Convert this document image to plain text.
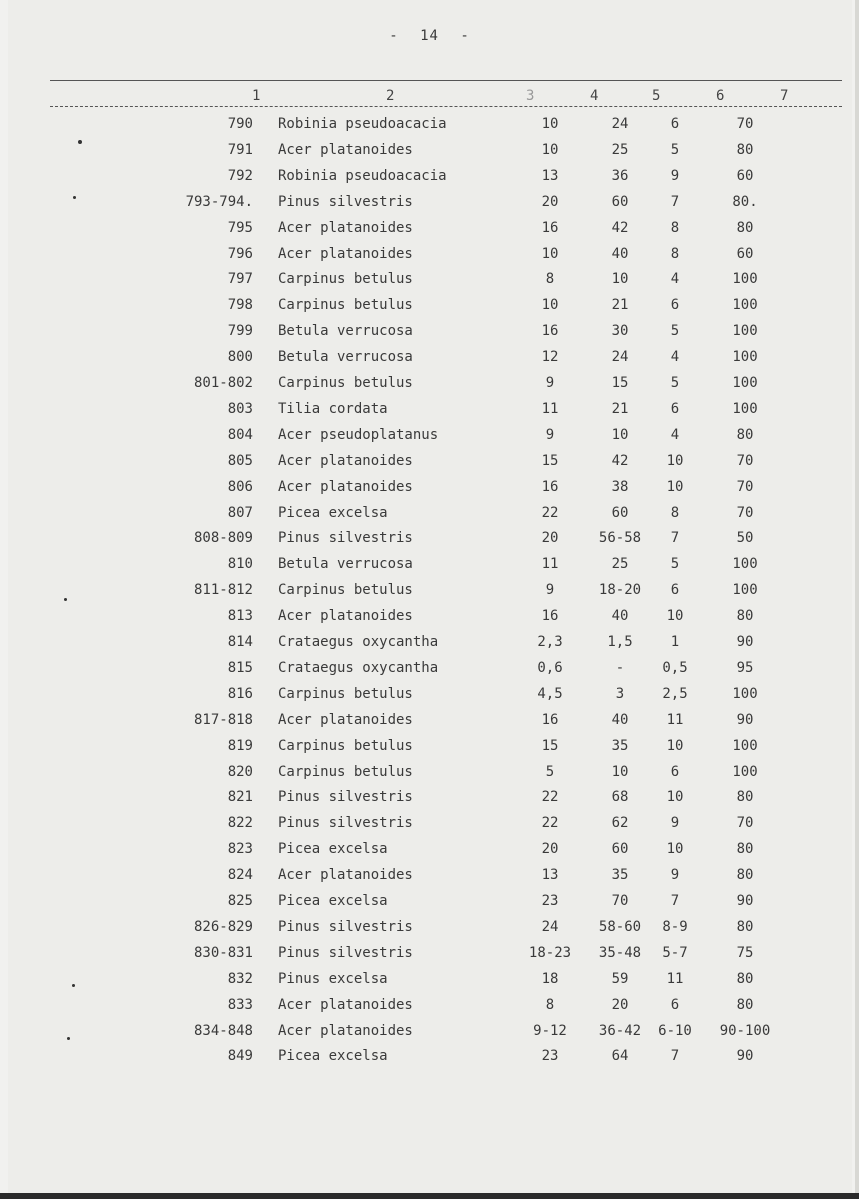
- 14 -
1	2	3	4	5	6	7
790 Robinia pseudoacacia	10	24	6	70
791 Acer platanoides	10	25	5	80
792 Robinia pseudoacacia	13	36	9	60
793-794. Pinus silvestris	20	60	7	80.
795 Acer platanoides	16	42	8	80
796 Acer platanoides	10	40	8	60
797 Carpinus betulus	8	10	4	100
798 Carpinus betulus	10	21	6	100
799 Betula verrucosa	16	30	5	100
800 Betula verrucosa	12	24	4	100
801-802 Carpinus betulus	9	15	5	100
803 Tilia cordata	11	21	6	100
804 Acer pseudoplatanus	9	10	4	80
805 Acer platanoides	15	42	10	70
806 Acer platanoides	16	38	10	70
807 Picea excelsa	22	60	8	70
808-809 Pinus silvestris	20	56-58	7	50
810 Betula verrucosa	11	25	5	100
811-812 Carpinus betulus	9	18-20	6	100
813 Acer platanoides	16	40	10	80
814 Crataegus oxycantha	2,3	1,5	1	90
815 Crataegus oxycantha	0,6	-	0,5	95
816 Carpinus betulus	4,5	3	2,5	100
817-818 Acer platanoides	16	40	11	90
819 Carpinus betulus	15	35	10	100
820 Carpinus betulus	5	10	6	100
821 Pinus silvestris	22	68	10	80
822 Pinus silvestris	22	62	9	70
823 Picea excelsa	20	60	10	80
824 Acer platanoides	13	35	9	80
825 Picea excelsa	23	70	7	90
826-829 Pinus silvestris	24	58-60	8-9	80
830-831 Pinus silvestris	18-23	35-48	5-7	75
832 Pinus excelsa	18	59	11	80
833 Acer platanoides	8	20	6	80
834-848 Acer platanoides	9-12	36-42	6-10	90-100
849 Picea excelsa	23	64	7	90
